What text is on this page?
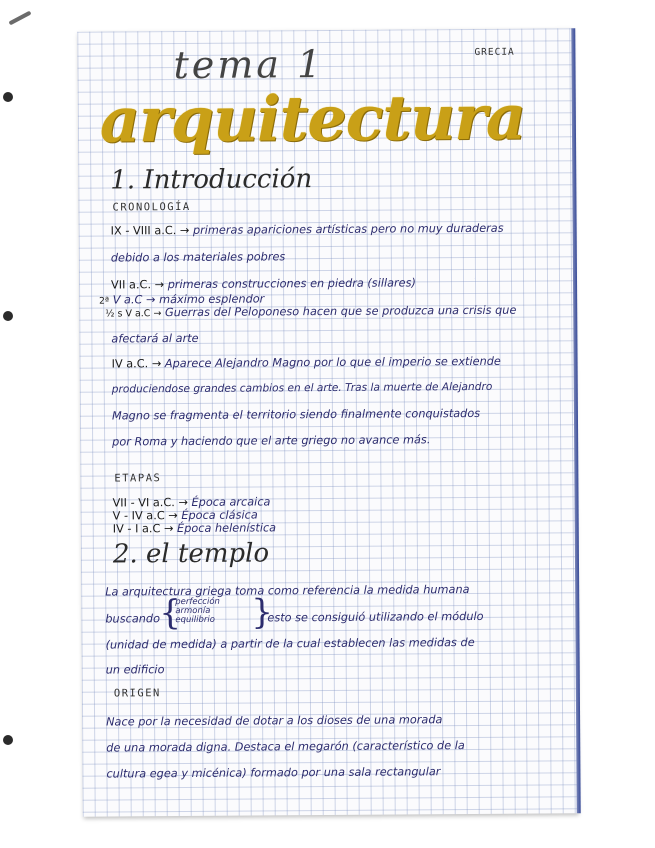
GRECIA
tema 1
arquitectura
1. Introducción
CRONOLOGÍA
IX - VIII a.C. → primeras apariciones artísticas pero no muy duraderas
debido a los materiales pobres
VII a.C. → primeras construcciones en piedra (sillares)
2ª V a.C → máximo esplendor
½ s V a.C → Guerras del Peloponeso hacen que se produzca una crisis que
afectará al arte
IV a.C. → Aparece Alejandro Magno por lo que el imperio se extiende
produciendose grandes cambios en el arte. Tras la muerte de Alejandro
Magno se fragmenta el territorio siendo finalmente conquistados
por Roma y haciendo que el arte griego no avance más.
ETAPAS
VII - VI a.C. → Época arcaica
V - IV a.C → Época clásica
IV - I a.C → Época helenística
2. el templo
La arquitectura griega toma como referencia la medida humana
buscando {
perfección
armonía
equilibrio }
esto se consiguió utilizando el módulo
(unidad de medida) a partir de la cual establecen las medidas de
un edificio
ORIGEN
Nace por la necesidad de dotar a los dioses de una morada
de una morada digna. Destaca el megarón (característico de la
cultura egea y micénica) formado por una sala rectangular
